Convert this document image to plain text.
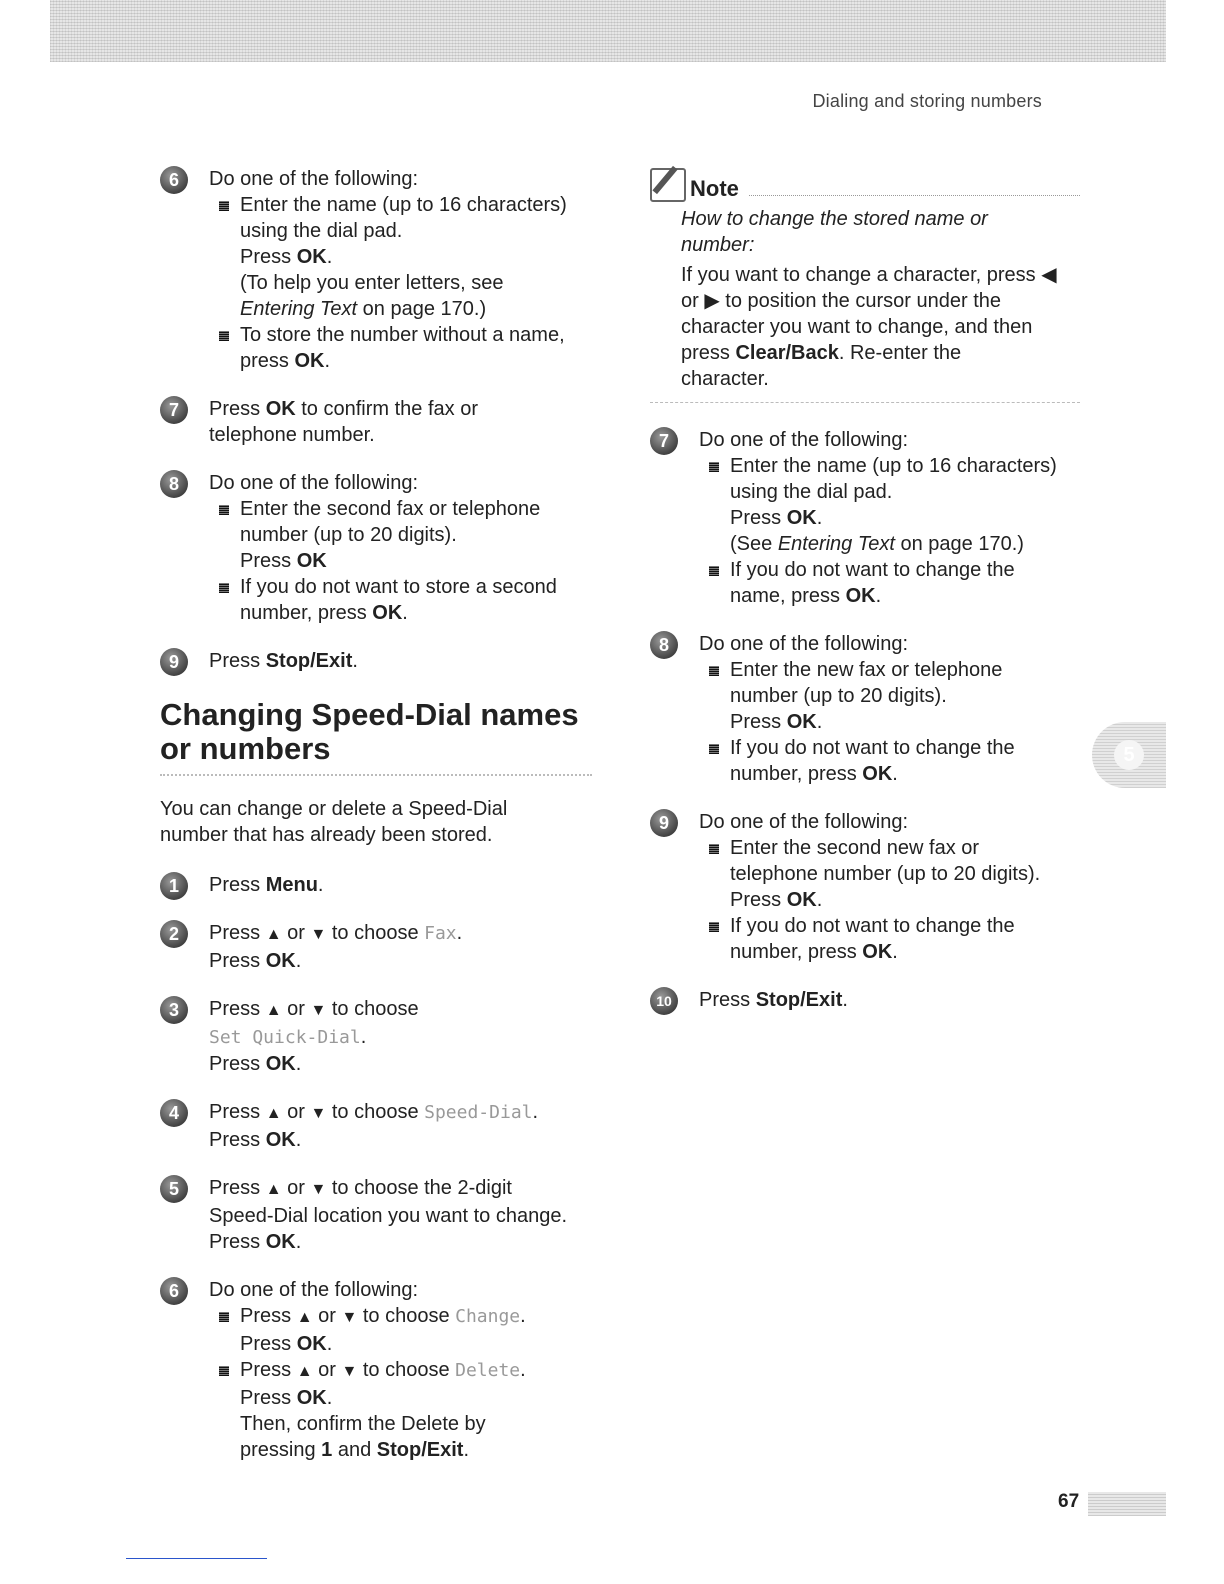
Dialing and storing numbers
5
6	Do one of the following:
Enter the name (up to 16 characters)
using the dial pad.
Press OK.
(To help you enter letters, see
Entering Text on page 170.)
To store the number without a name,
press OK.
7	Press OK to confirm the fax or
telephone number.
8	Do one of the following:
Enter the second fax or telephone
number (up to 20 digits).
Press OK
If you do not want to store a second
number, press OK.
9	Press Stop/Exit.
Changing Speed-Dial names
or numbers
You can change or delete a Speed-Dial
number that has already been stored.
1	Press Menu.
2	Press ▲ or ▼ to choose Fax.
Press OK.
3	Press ▲ or ▼ to choose
Set Quick-Dial.
Press OK.
4	Press ▲ or ▼ to choose Speed-Dial.
Press OK.
5	Press ▲ or ▼ to choose the 2-digit
Speed-Dial location you want to change.
Press OK.
6	Do one of the following:
Press ▲ or ▼ to choose Change.
Press OK.
Press ▲ or ▼ to choose Delete.
Press OK.
Then, confirm the Delete by
pressing 1 and Stop/Exit.
Note
How to change the stored name or
number:
If you want to change a character, press ◀
or ▶ to position the cursor under the
character you want to change, and then
press Clear/Back. Re-enter the
character.
7	Do one of the following:
Enter the name (up to 16 characters)
using the dial pad.
Press OK.
(See Entering Text on page 170.)
If you do not want to change the
name, press OK.
8	Do one of the following:
Enter the new fax or telephone
number (up to 20 digits).
Press OK.
If you do not want to change the
number, press OK.
9	Do one of the following:
Enter the second new fax or
telephone number (up to 20 digits).
Press OK.
If you do not want to change the
number, press OK.
10	Press Stop/Exit.
67
